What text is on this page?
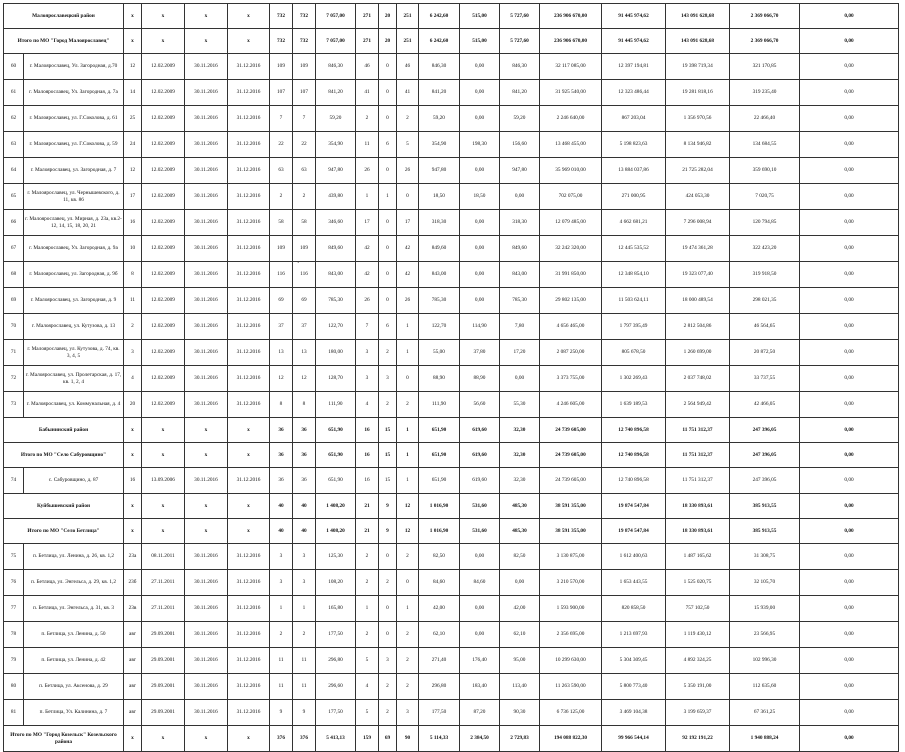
Малоярославецкий район		х	х	х	х	732	732	7 057,00	271	20	251	6 242,60	515,00	5 727,60	236 906 670,00	91 445 974,62	143 091 628,68	2 369 066,70	0,00
Итого по МО "Город Малоярославец"		х	х	х	х	732	732	7 057,00	271	20	251	6 242,60	515,00	5 727,60	236 906 670,00	91 445 974,62	143 091 628,68	2 369 066,70	0,00
60	г. Малоярославец, Ул. Загородная, д.70	12	12.02.2009	30.11.2016	31.12.2016	109	109	846,30	46	0	46	846,30	0,00	846,30	32 117 085,00	12 397 194,81	19 398 719,34	321 170,85	0,00
61	г. Малоярославец, Ул. Загородная, д. 7а	14	12.02.2009	30.11.2016	31.12.2016	107	107	841,20	41	0	41	841,20	0,00	841,20	31 925 540,00	12 323 486,44	19 281 818,16	319 235,40	0,00
62	г. Малоярославец, ул. Г.Соколова, д. 61	25	12.02.2009	30.11.2016	31.12.2016	7	7	59,20	2	0	2	59,20	0,00	59,20	2 246 640,00	867 203,04	1 356 970,56	22 466,40	0,00
63	г. Малоярославец, ул. Г.Соколова, д. 59	24	12.02.2009	30.11.2016	31.12.2016	22	22	354,90	11	6	5	354,90	198,30	156,60	13 468 455,00	5 198 823,63	8 134 946,82	134 684,55	0,00
64	г. Малоярославец, ул. Загородная, д. 7	12	12.02.2009	30.11.2016	31.12.2016	63	63	947,80	26	0	26	947,80	0,00	947,80	35 969 010,00	13 884 037,86	21 725 282,04	359 690,10	0,00
65	г. Малоярославец, ул. Чернышевского, д. 11, кв. 86	17	12.02.2009	30.11.2016	31.12.2016	2	2	439,80	1	1	0	18,50	18,50	0,00	702 075,00	271 000,95	424 053,30	7 020,75	0,00
66	г. Малоярославец, ул. Мирная, д. 23а, кв.2-12, 14, 15, 18, 20, 21	16	12.02.2009	30.11.2016	31.12.2016	58	58	346,60	17	0	17	318,30	0,00	318,30	12 079 485,00	4 662 681,21	7 296 008,94	120 794,85	0,00
67	г. Малоярославец, Ул. Загородная, д. 9а	10	12.02.2009	30.11.2016	31.12.2016	109	109	849,60	42	0	42	849,60	0,00	849,60	32 242 320,00	12 445 535,52	19 474 361,28	322 423,20	0,00
68	г. Малоярославец, ул. Загородная, д. 9б	8	12.02.2009	30.11.2016	31.12.2016	116	116	843,00	42	0	42	843,00	0,00	843,00	31 991 850,00	12 348 854,10	19 323 077,40	319 918,50	0,00
69	г. Малоярославец, ул. Загородная, д. 9	11	12.02.2009	30.11.2016	31.12.2016	69	69	785,30	26	0	26	785,30	0,00	785,30	29 802 135,00	11 503 624,11	18 000 489,54	298 021,35	0,00
70	г. Малоярославец, ул. Кутузова, д. 13	2	12.02.2009	30.11.2016	31.12.2016	37	37	122,70	7	6	1	122,70	114,90	7,80	4 656 465,00	1 797 395,49	2 812 504,86	46 564,65	0,00
71	г. Малоярославец, ул. Кутузова, д. 74, кв. 3, 4, 5	3	12.02.2009	30.11.2016	31.12.2016	13	13	180,00	3	2	1	55,00	37,80	17,20	2 087 250,00	805 678,50	1 260 699,00	20 872,50	0,00
72	г. Малоярославец, ул. Пролетарская, д. 17, кв. 1, 2, 4	4	12.02.2009	30.11.2016	31.12.2016	12	12	128,70	3	3	0	88,90	88,90	0,00	3 373 755,00	1 302 269,43	2 037 748,02	33 737,55	0,00
73	г. Малоярославец, ул. Коммунальная, д. 4	20	12.02.2009	30.11.2016	31.12.2016	8	8	111,90	4	2	2	111,90	56,60	55,30	4 246 605,00	1 639 189,53	2 564 949,42	42 466,05	0,00
Бабынинский район		х	х	х	х	36	36	651,90	16	15	1	651,90	619,60	32,30	24 739 605,00	12 740 896,58	11 751 312,37	247 396,05	0,00
Итого по МО "Село Сабуровщино"		х	х	х	х	36	36	651,90	16	15	1	651,90	619,60	32,30	24 739 605,00	12 740 896,58	11 751 312,37	247 396,05	0,00
74	с. Сабуровщино, д. 87	16	13.09.2006	30.11.2016	31.12.2016	36	36	651,90	16	15	1	651,90	619,60	32,30	24 739 605,00	12 740 896,58	11 751 312,37	247 396,05	0,00
Куйбышевский район		х	х	х	х	40	40	1 408,20	21	9	12	1 016,90	531,60	485,30	38 591 355,00	19 874 547,84	18 330 893,61	385 913,55	0,00
Итого по МО "Село Бетлица"		х	х	х	х	40	40	1 408,20	21	9	12	1 016,90	531,60	485,30	38 591 355,00	19 874 547,84	18 330 893,61	385 913,55	0,00
75	п. Бетлица, ул. Ленина, д. 26, кв. 1,2	23а	08.11.2011	30.11.2016	31.12.2016	3	3	125,30	2	0	2	82,50	0,00	82,50	3 130 875,00	1 612 400,63	1 487 165,62	31 308,75	0,00
76	п. Бетлица, ул. Энгельса, д. 29, кв. 1,2	23б	27.11.2011	30.11.2016	31.12.2016	3	3	108,20	2	2	0	84,60	84,60	0,00	3 210 570,00	1 653 443,55	1 525 020,75	32 105,70	0,00
77	п. Бетлица, ул. Энгельса, д. 31, кв. 3	23в	27.11.2011	30.11.2016	31.12.2016	1	1	165,80	1	0	1	42,00	0,00	42,00	1 593 900,00	820 858,50	757 102,50	15 939,00	0,00
78	п. Бетлица, ул. Ленина, д. 50	авг	29.09.2001	30.11.2016	31.12.2016	2	2	177,50	2	0	2	62,10	0,00	62,10	2 356 695,00	1 213 697,93	1 119 430,12	23 566,95	0,00
79	п. Бетлица, ул. Ленина, д. 42	авг	29.09.2001	30.11.2016	31.12.2016	11	11	296,80	5	3	2	271,40	176,40	95,00	10 299 630,00	5 304 309,45	4 892 324,25	102 996,30	0,00
80	п. Бетлица, ул. Аксенова, д. 29	авг	29.09.2001	30.11.2016	31.12.2016	11	11	296,60	4	2	2	296,80	183,40	113,40	11 263 590,00	5 800 773,40	5 350 191,00	112 635,60	0,00
81	п. Бетлица, Ул. Калинина, д. 7	авг	29.09.2001	30.11.2016	31.12.2016	9	9	177,50	5	2	3	177,50	87,20	90,30	6 736 125,00	3 469 104,38	3 199 659,37	67 361,25	0,00
Итого по МО "Город Козельск" Козельского района		х	х	х	х	376	376	5 413,13	159	69	90	5 114,33	2 384,50	2 729,83	194 088 822,30	99 966 544,14	92 192 191,22	1 940 888,24	0,00
·
